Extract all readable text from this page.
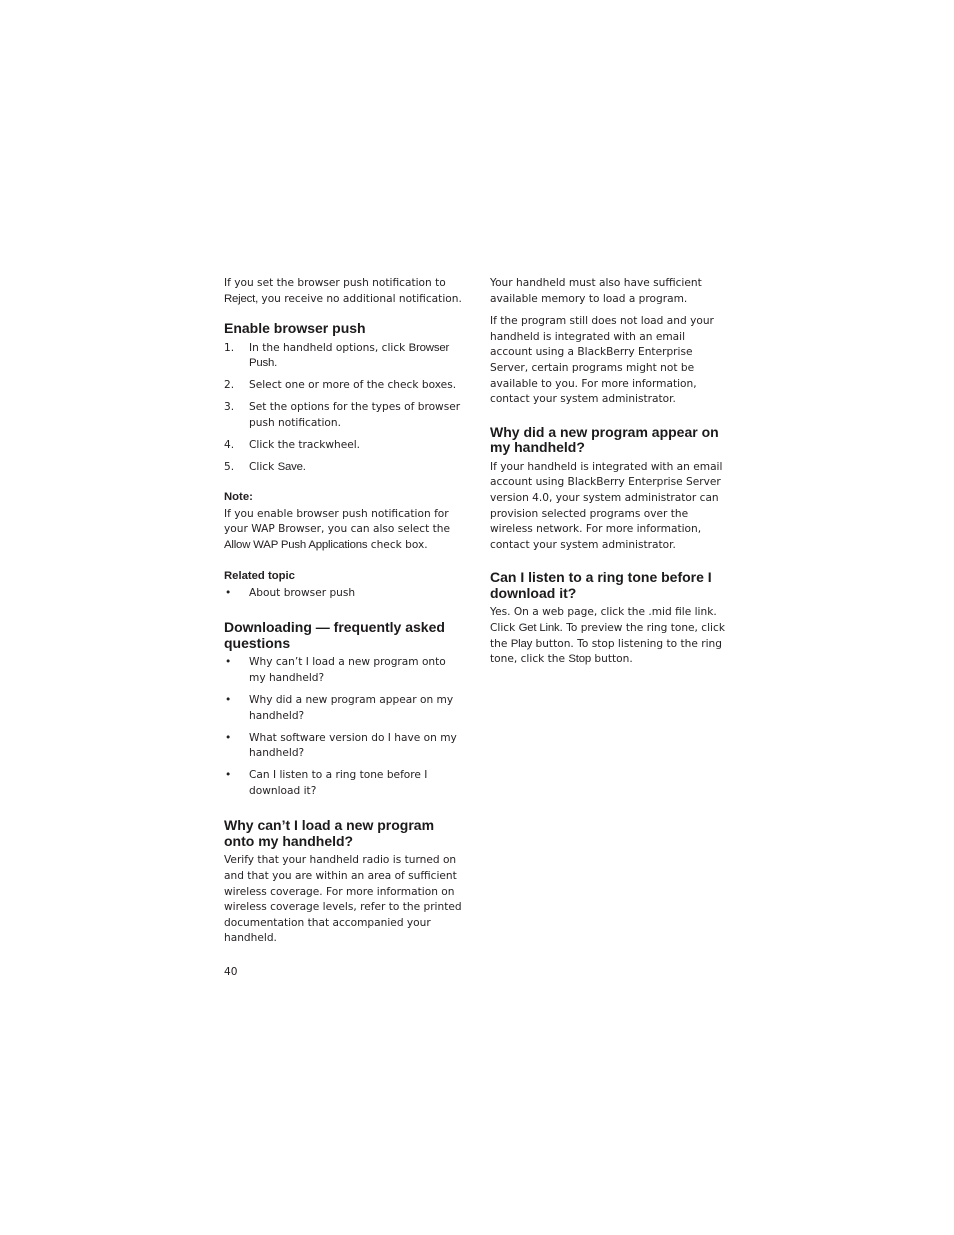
If you set the browser push notification to Reject, you receive no additional notification.

Enable browser push
1. In the handheld options, click Browser Push.
2. Select one or more of the check boxes.
3. Set the options for the types of browser push notification.
4. Click the trackwheel.
5. Click Save.
Note:

If you enable browser push notification for your WAP Browser, you can also select the Allow WAP Push Applications check box.

Related topic
• About browser push
Downloading — frequently asked questions
• Why can’t I load a new program onto my handheld?
• Why did a new program appear on my handheld?
• What software version do I have on my handheld?
• Can I listen to a ring tone before I download it?
Why can’t I load a new program onto my handheld?

Verify that your handheld radio is turned on and that you are within an area of sufficient wireless coverage. For more information on wireless coverage levels, refer to the printed documentation that accompanied your handheld.

Your handheld must also have sufficient available memory to load a program.

If the program still does not load and your handheld is integrated with an email account using a BlackBerry Enterprise Server, certain programs might not be available to you. For more information, contact your system administrator.

Why did a new program appear on my handheld?

If your handheld is integrated with an email account using BlackBerry Enterprise Server version 4.0, your system administrator can provision selected programs over the wireless network. For more information, contact your system administrator.

Can I listen to a ring tone before I download it?

Yes. On a web page, click the .mid file link. Click Get Link. To preview the ring tone, click the Play button. To stop listening to the ring tone, click the Stop button.

40
